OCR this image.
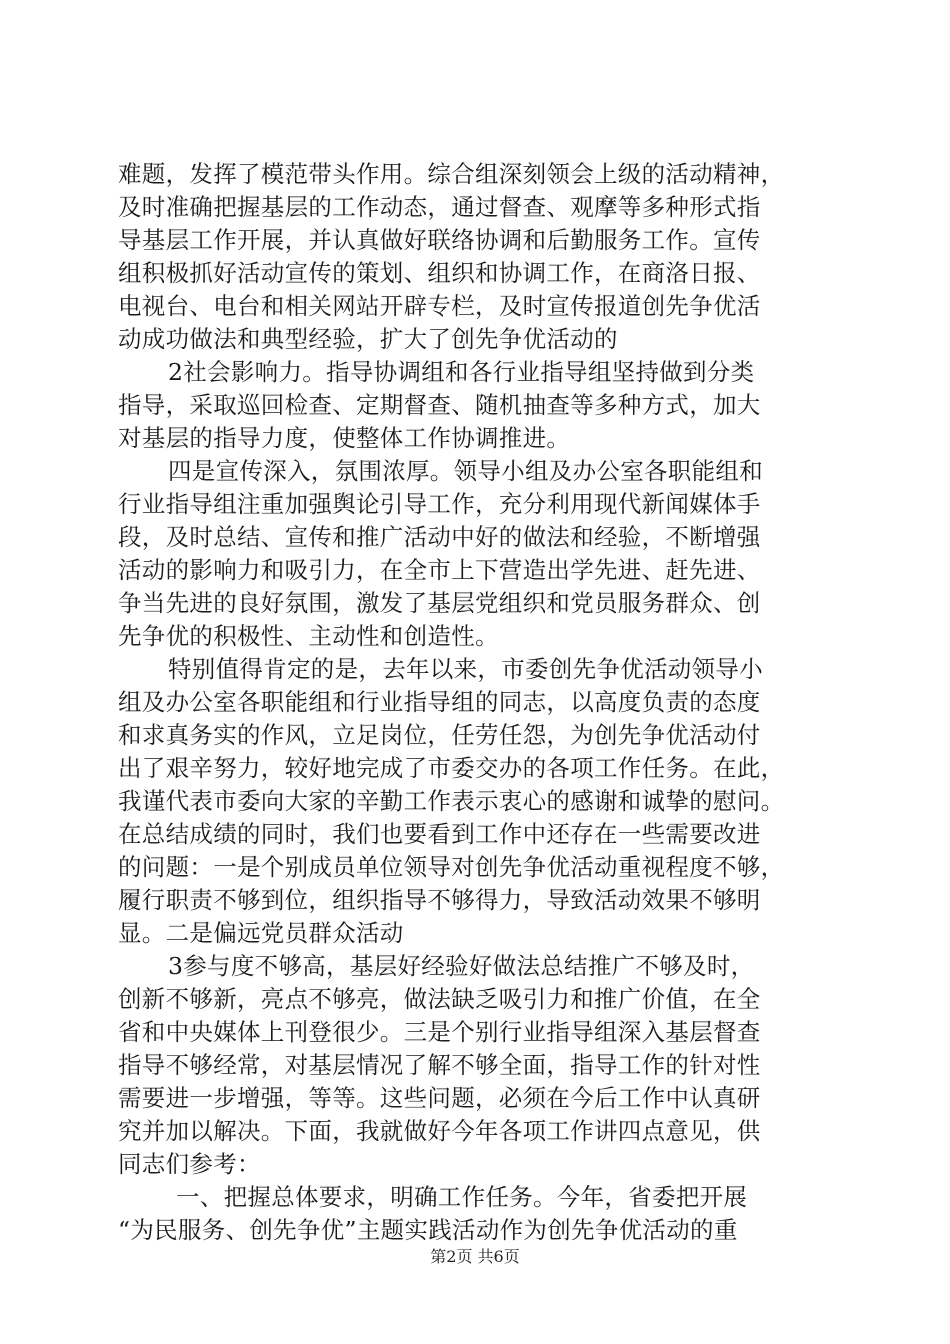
难题，发挥了模范带头作用。综合组深刻领会上级的活动精神，
及时准确把握基层的工作动态，通过督查、观摩等多种形式指
导基层工作开展，并认真做好联络协调和后勤服务工作。宣传
组积极抓好活动宣传的策划、组织和协调工作，在商洛日报、
电视台、电台和相关网站开辟专栏，及时宣传报道创先争优活
动成功做法和典型经验，扩大了创先争优活动的
2社会影响力。指导协调组和各行业指导组坚持做到分类
指导，采取巡回检查、定期督查、随机抽查等多种方式，加大
对基层的指导力度，使整体工作协调推进。
四是宣传深入，氛围浓厚。领导小组及办公室各职能组和
行业指导组注重加强舆论引导工作，充分利用现代新闻媒体手
段，及时总结、宣传和推广活动中好的做法和经验，不断增强
活动的影响力和吸引力，在全市上下营造出学先进、赶先进、
争当先进的良好氛围，激发了基层党组织和党员服务群众、创
先争优的积极性、主动性和创造性。
特别值得肯定的是，去年以来，市委创先争优活动领导小
组及办公室各职能组和行业指导组的同志，以高度负责的态度
和求真务实的作风，立足岗位，任劳任怨，为创先争优活动付
出了艰辛努力，较好地完成了市委交办的各项工作任务。在此，
我谨代表市委向大家的辛勤工作表示衷心的感谢和诚挚的慰问。
在总结成绩的同时，我们也要看到工作中还存在一些需要改进
的问题：一是个别成员单位领导对创先争优活动重视程度不够，
履行职责不够到位，组织指导不够得力，导致活动效果不够明
显。二是偏远党员群众活动
3参与度不够高，基层好经验好做法总结推广不够及时，
创新不够新，亮点不够亮，做法缺乏吸引力和推广价值，在全
省和中央媒体上刊登很少。三是个别行业指导组深入基层督查
指导不够经常，对基层情况了解不够全面，指导工作的针对性
需要进一步增强，等等。这些问题，必须在今后工作中认真研
究并加以解决。下面，我就做好今年各项工作讲四点意见，供
同志们参考：
一、把握总体要求，明确工作任务。今年，省委把开展
“为民服务、创先争优”主题实践活动作为创先争优活动的重
第2页 共6页
